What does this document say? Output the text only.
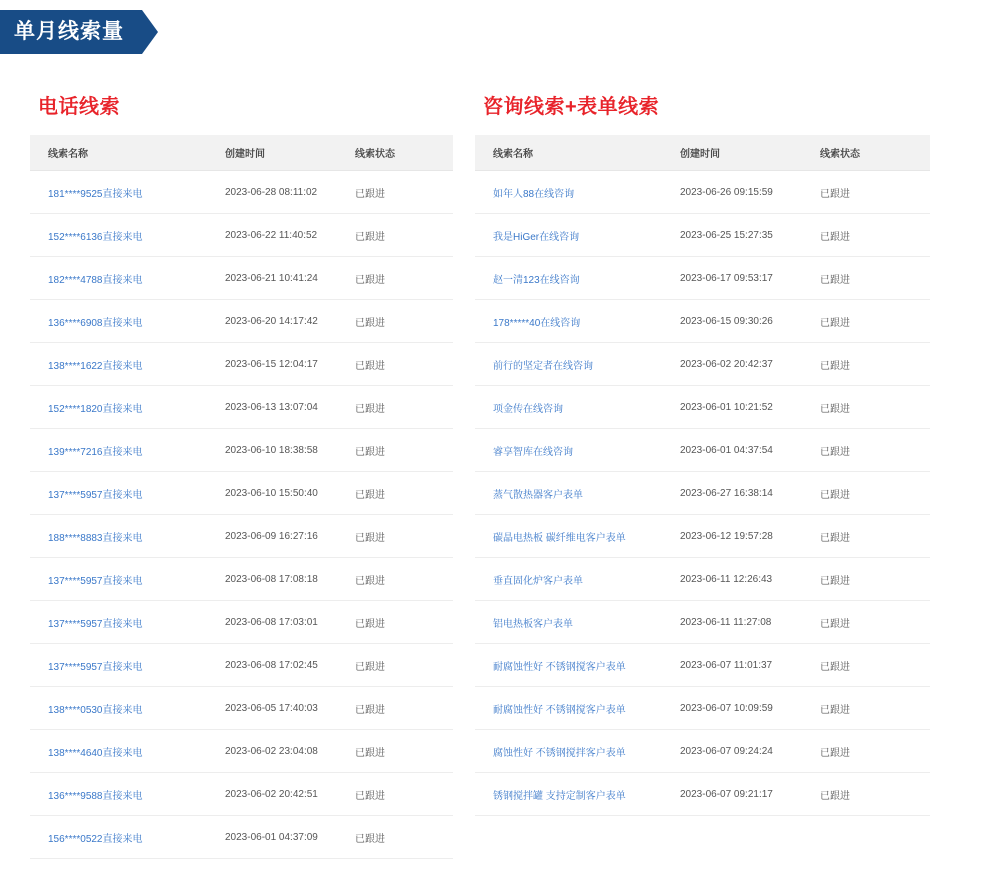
单月线索量
电话线索
线索名称	创建时间	线索状态
181****9525直接来电	2023-06-28 08:11:02	已跟进
152****6136直接来电	2023-06-22 11:40:52	已跟进
182****4788直接来电	2023-06-21 10:41:24	已跟进
136****6908直接来电	2023-06-20 14:17:42	已跟进
138****1622直接来电	2023-06-15 12:04:17	已跟进
152****1820直接来电	2023-06-13 13:07:04	已跟进
139****7216直接来电	2023-06-10 18:38:58	已跟进
137****5957直接来电	2023-06-10 15:50:40	已跟进
188****8883直接来电	2023-06-09 16:27:16	已跟进
137****5957直接来电	2023-06-08 17:08:18	已跟进
137****5957直接来电	2023-06-08 17:03:01	已跟进
137****5957直接来电	2023-06-08 17:02:45	已跟进
138****0530直接来电	2023-06-05 17:40:03	已跟进
138****4640直接来电	2023-06-02 23:04:08	已跟进
136****9588直接来电	2023-06-02 20:42:51	已跟进
156****0522直接来电	2023-06-01 04:37:09	已跟进
咨询线索+表单线索
线索名称	创建时间	线索状态
如年人88在线咨询	2023-06-26 09:15:59	已跟进
我是HiGer在线咨询	2023-06-25 15:27:35	已跟进
赵一清123在线咨询	2023-06-17 09:53:17	已跟进
178*****40在线咨询	2023-06-15 09:30:26	已跟进
前行的坚定者在线咨询	2023-06-02 20:42:37	已跟进
项金传在线咨询	2023-06-01 10:21:52	已跟进
睿享智库在线咨询	2023-06-01 04:37:54	已跟进
蒸气散热器客户表单	2023-06-27 16:38:14	已跟进
碳晶电热板 碳纤维电客户表单	2023-06-12 19:57:28	已跟进
垂直固化炉客户表单	2023-06-11 12:26:43	已跟进
铝电热板客户表单	2023-06-11 11:27:08	已跟进
耐腐蚀性好 不锈钢搅客户表单	2023-06-07 11:01:37	已跟进
耐腐蚀性好 不锈钢搅客户表单	2023-06-07 10:09:59	已跟进
腐蚀性好 不锈钢搅拌客户表单	2023-06-07 09:24:24	已跟进
锈钢搅拌罐 支持定制客户表单	2023-06-07 09:21:17	已跟进
